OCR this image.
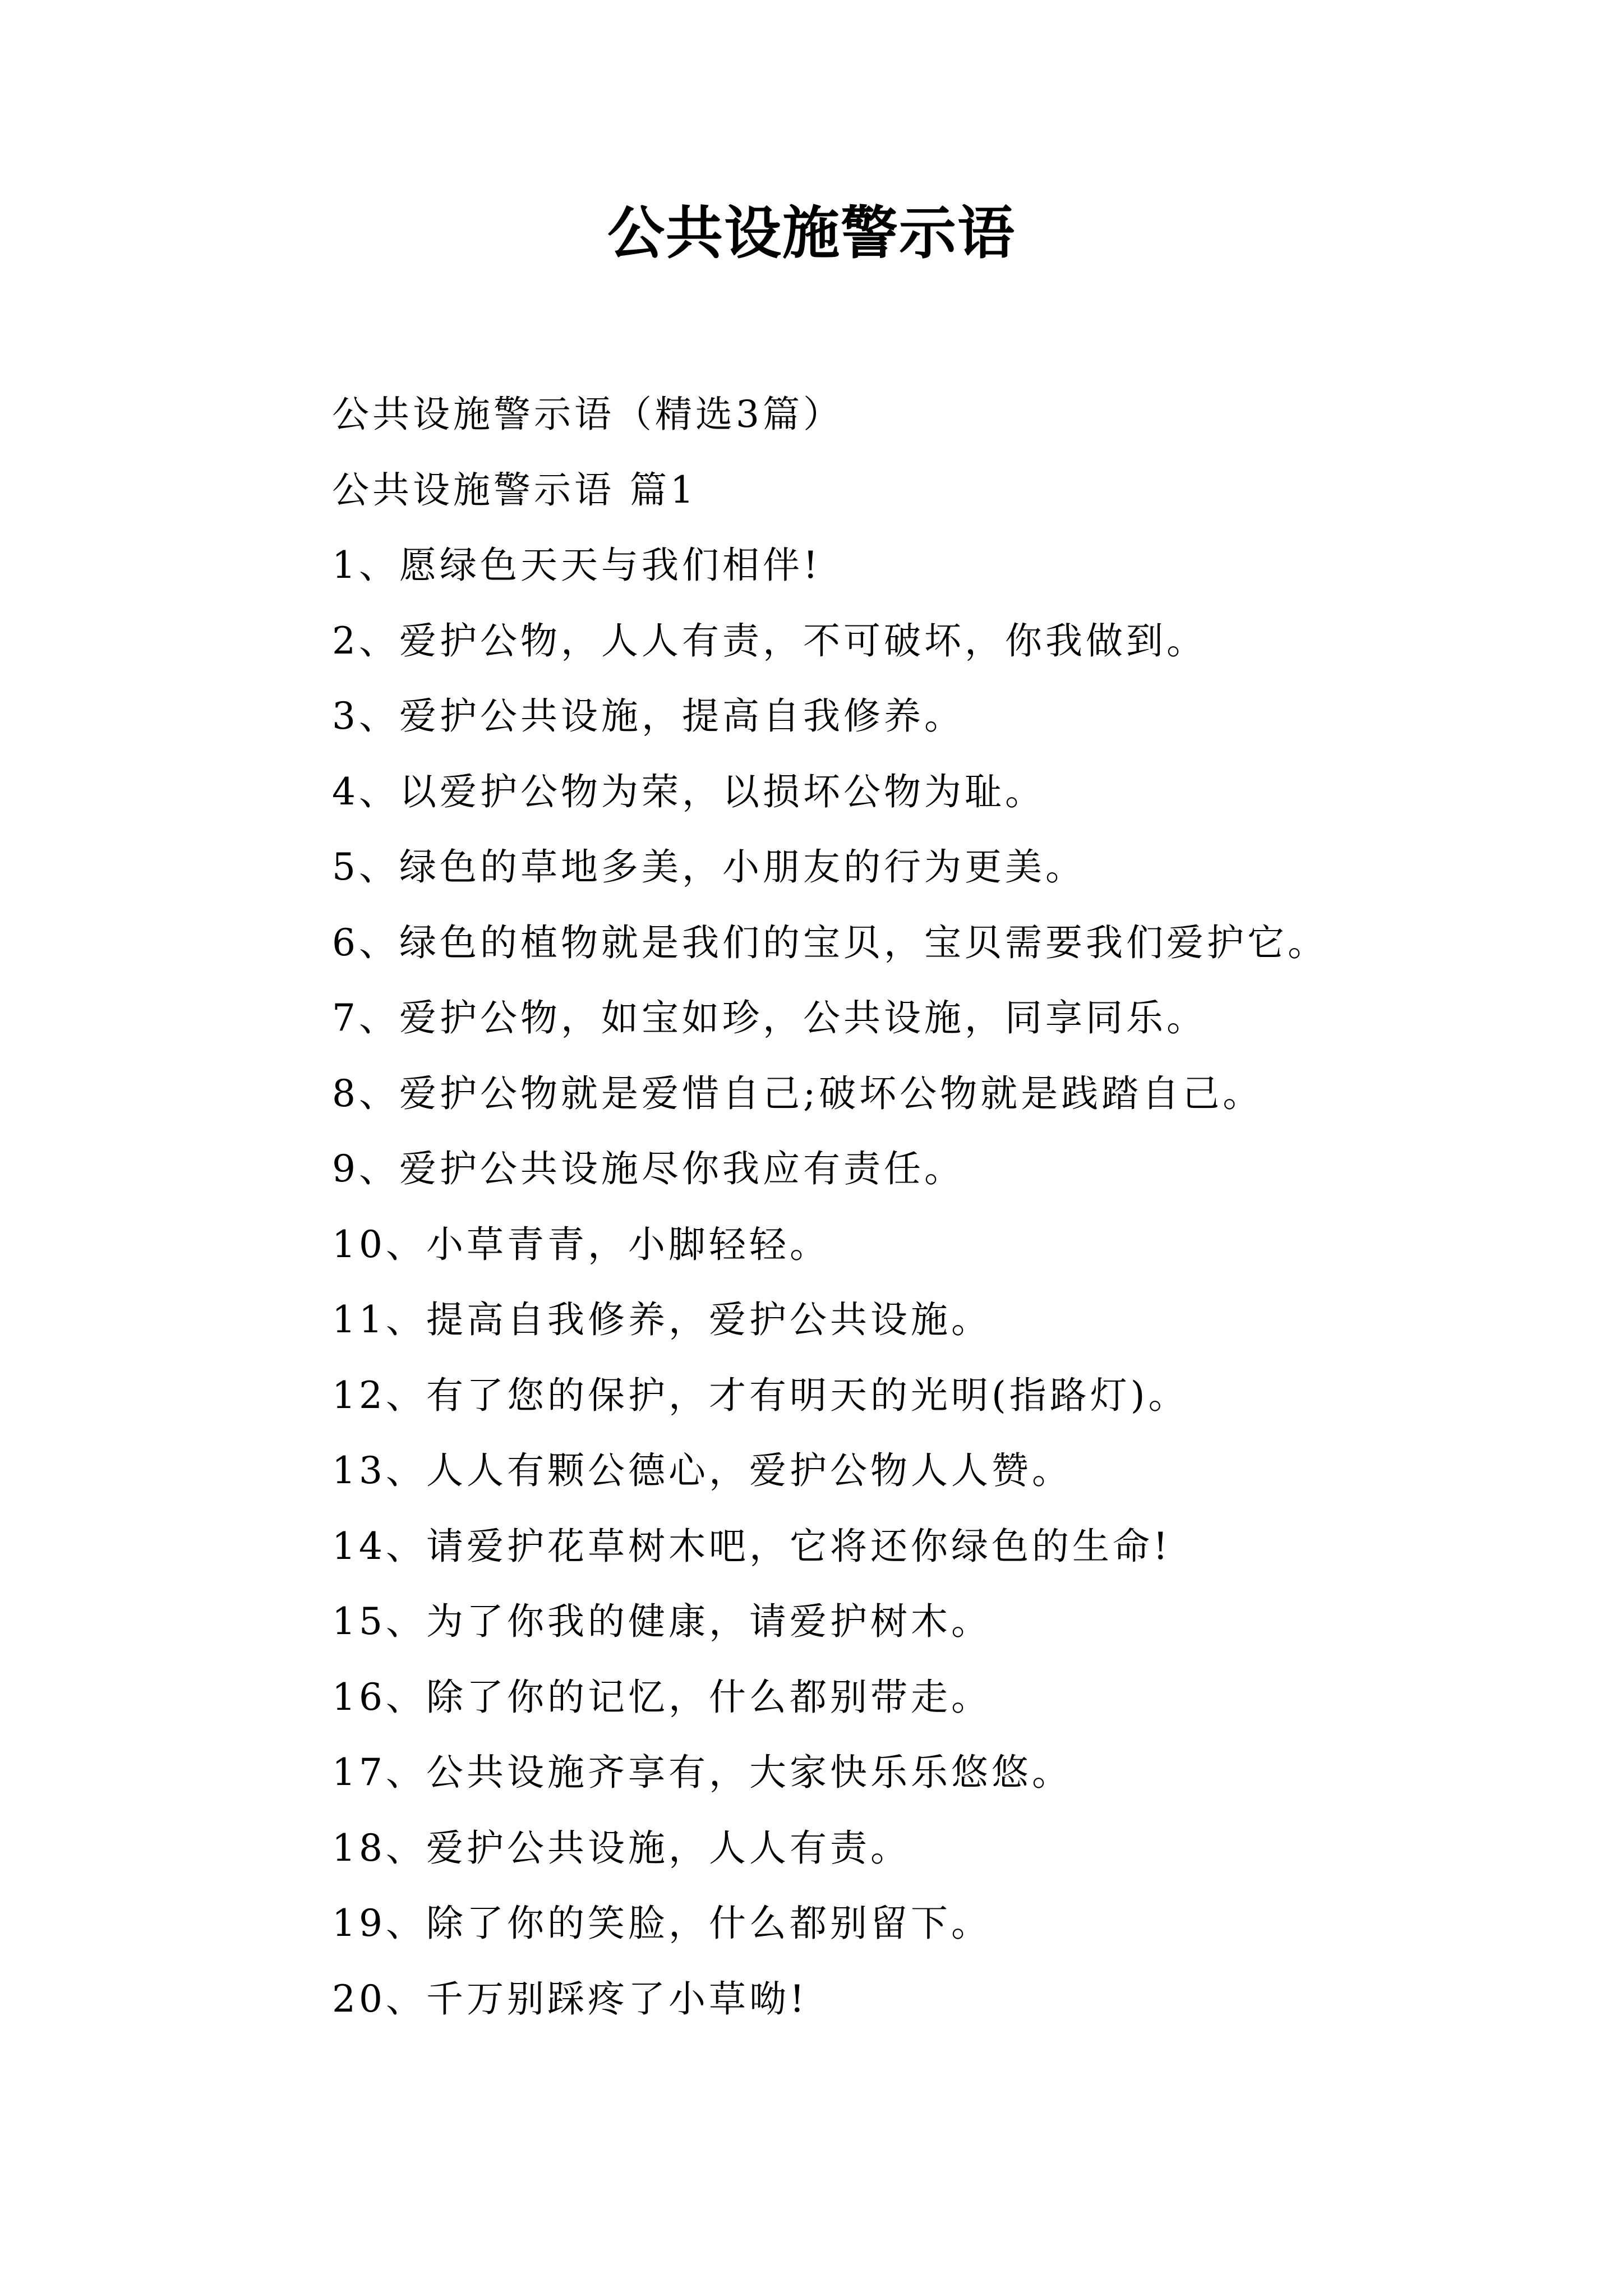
公共设施警示语
公共设施警示语（精选3篇）
公共设施警示语 篇1
1、愿绿色天天与我们相伴!
2、爱护公物，人人有责，不可破坏，你我做到。
3、爱护公共设施，提高自我修养。
4、以爱护公物为荣，以损坏公物为耻。
5、绿色的草地多美，小朋友的行为更美。
6、绿色的植物就是我们的宝贝，宝贝需要我们爱护它。
7、爱护公物，如宝如珍，公共设施，同享同乐。
8、爱护公物就是爱惜自己;破坏公物就是践踏自己。
9、爱护公共设施尽你我应有责任。
10、小草青青，小脚轻轻。
11、提高自我修养，爱护公共设施。
12、有了您的保护，才有明天的光明(指路灯)。
13、人人有颗公德心，爱护公物人人赞。
14、请爱护花草树木吧，它将还你绿色的生命!
15、为了你我的健康，请爱护树木。
16、除了你的记忆，什么都别带走。
17、公共设施齐享有，大家快乐乐悠悠。
18、爱护公共设施，人人有责。
19、除了你的笑脸，什么都别留下。
20、千万别踩疼了小草呦!
